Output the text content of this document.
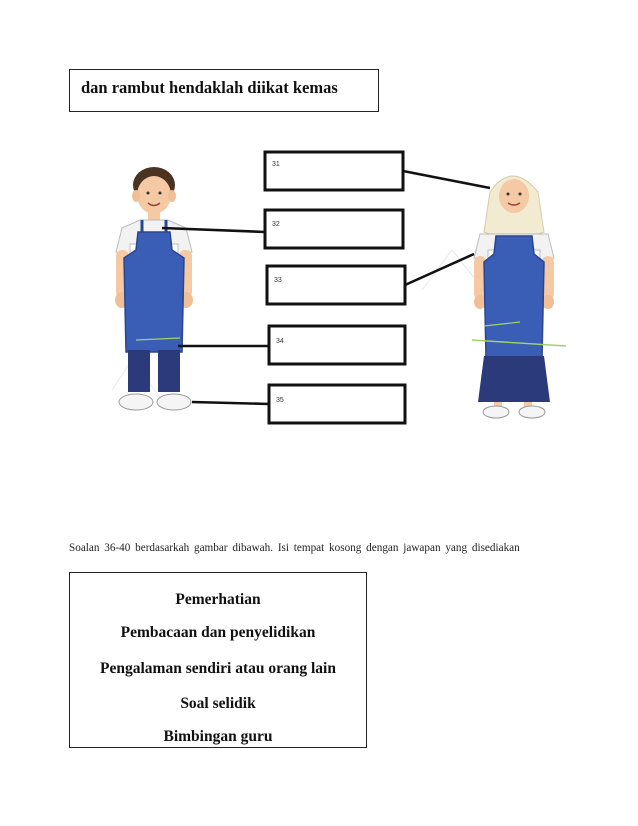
dan rambut hendaklah diikat kemas
31
32
33
34
35
Soalan 36-40 berdasarkah gambar dibawah. Isi tempat kosong dengan jawapan yang disediakan
Pemerhatian
Pembacaan dan penyelidikan
Pengalaman sendiri atau orang lain
Soal selidik
Bimbingan guru
